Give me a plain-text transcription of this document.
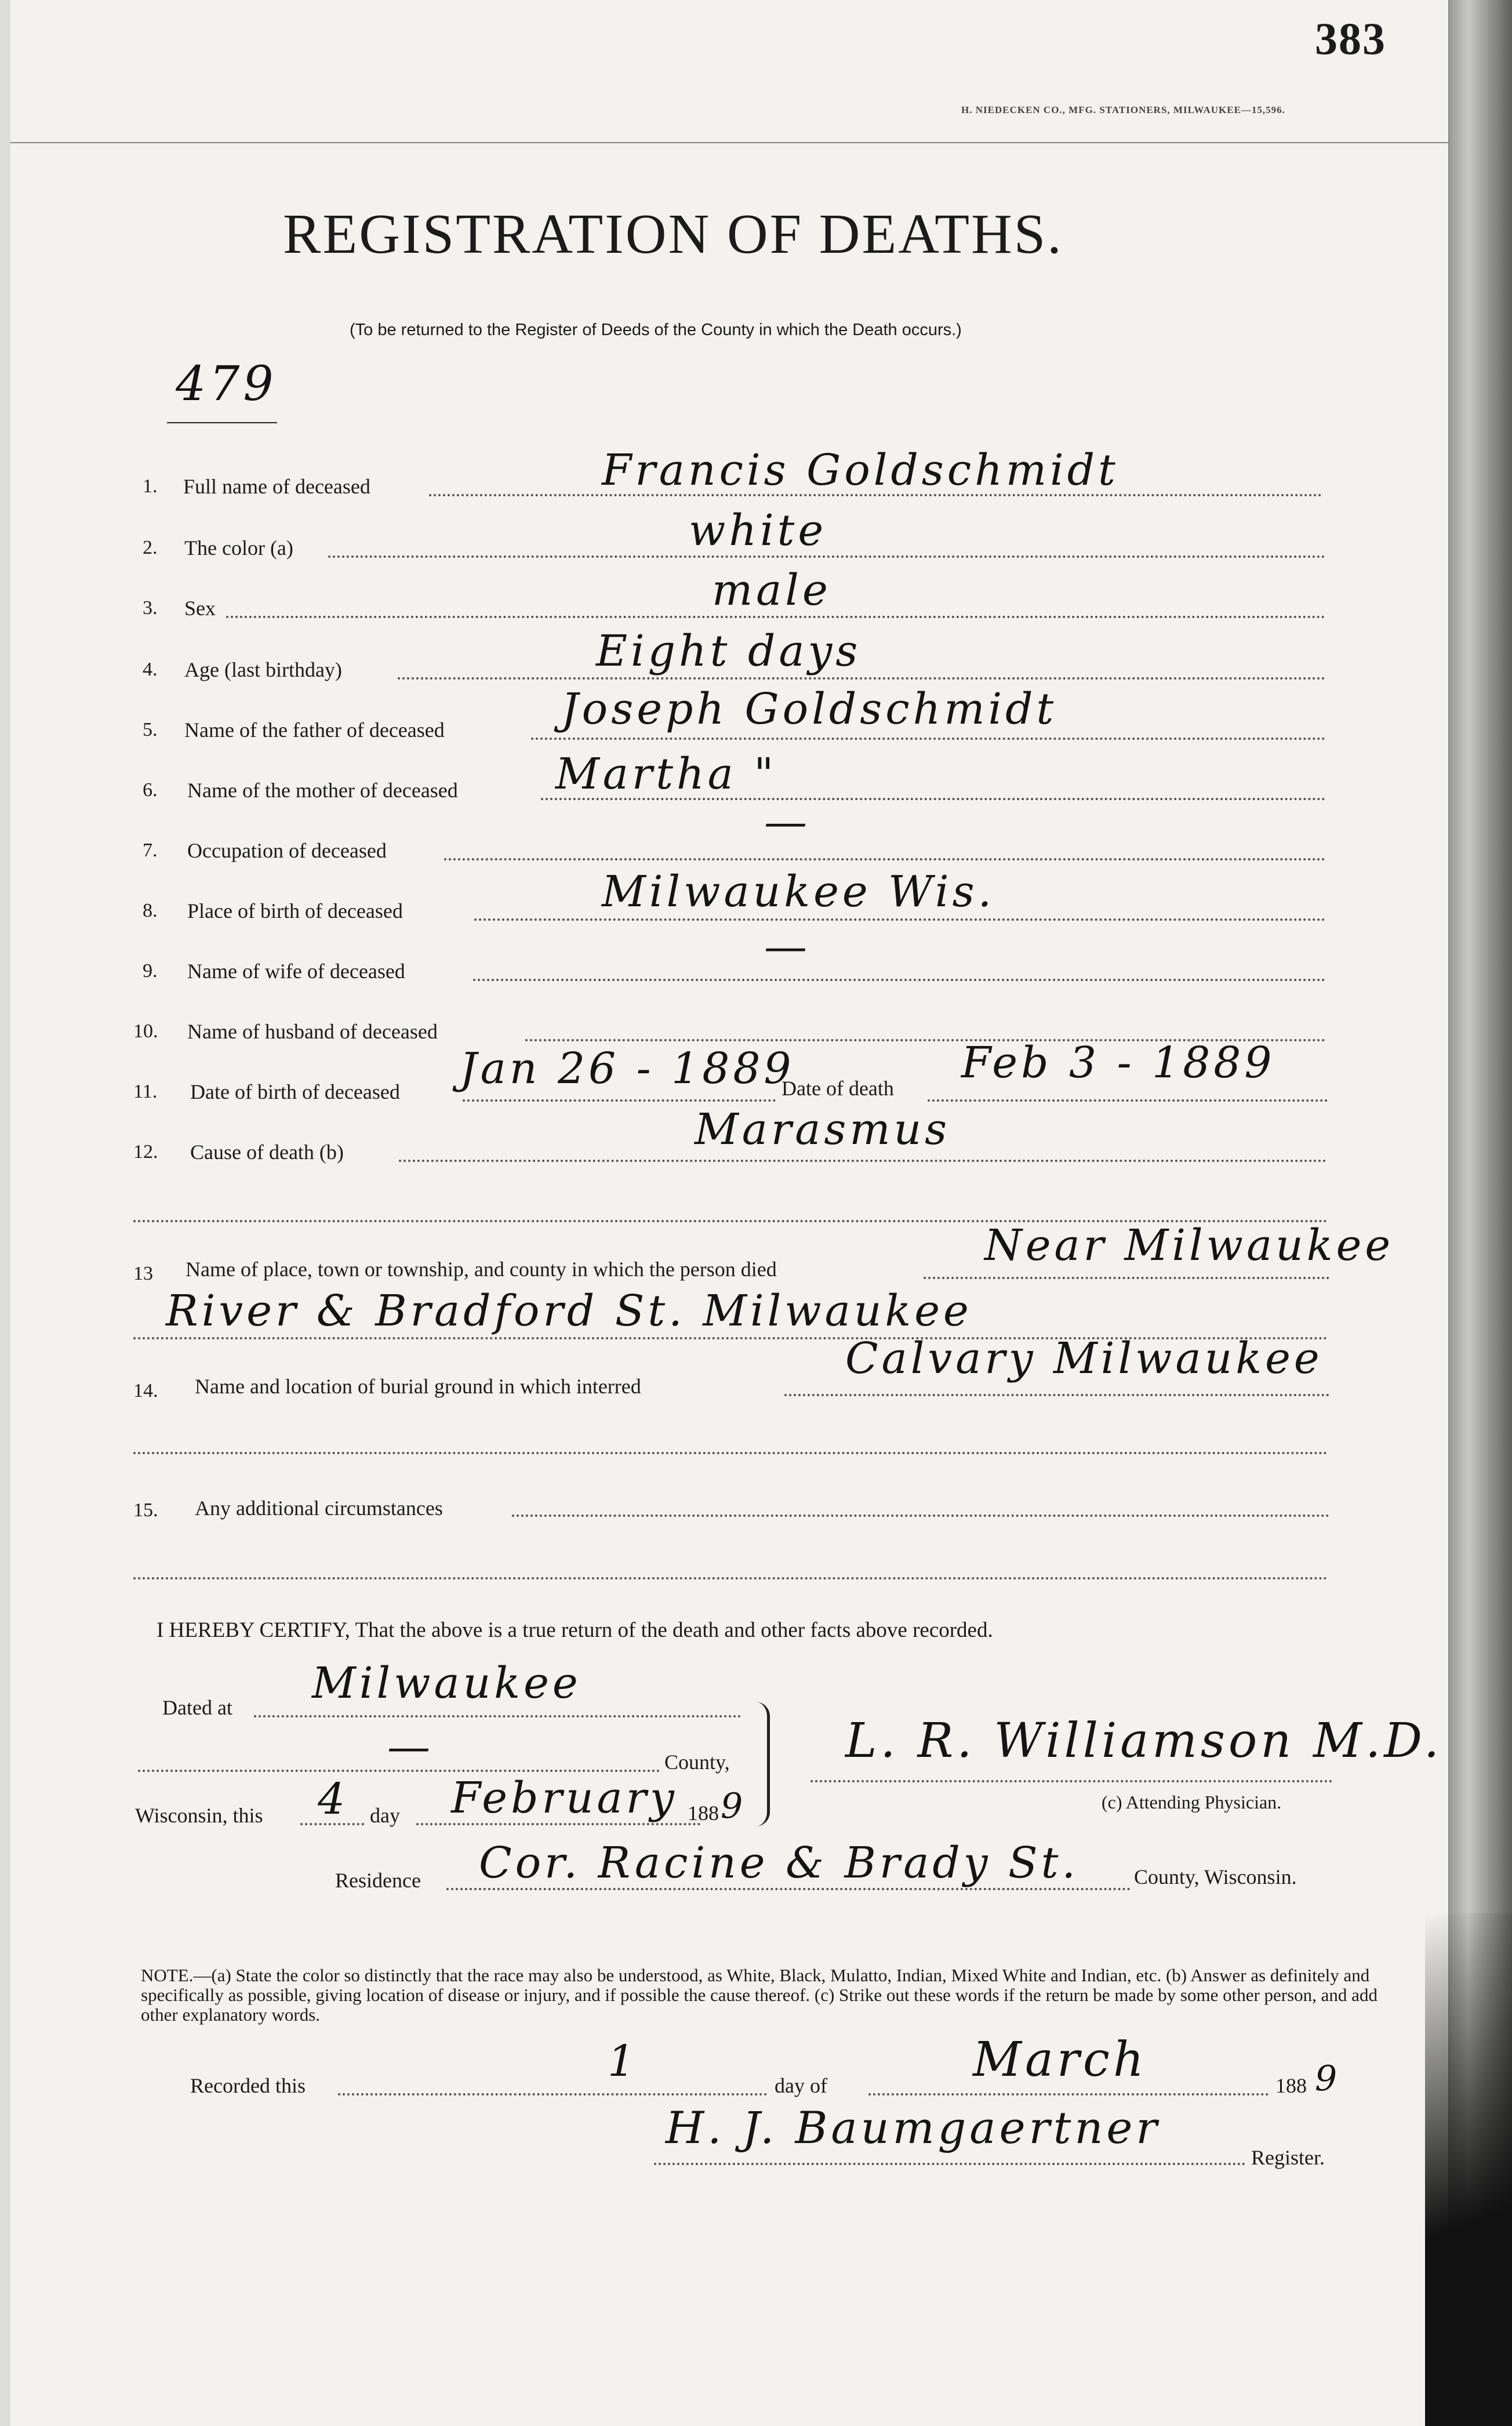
383
H. NIEDECKEN CO., MFG. STATIONERS, MILWAUKEE—15,596.
REGISTRATION OF DEATHS.
(To be returned to the Register of Deeds of the County in which the Death occurs.)
479
1. Full name of deceased	Francis Goldschmidt
2. The color (a)	white
3. Sex	male
4. Age (last birthday)	Eight days
5. Name of the father of deceased	Joseph Goldschmidt
6. Name of the mother of deceased Martha "
7. Occupation of deceased
—
8. Place of birth of deceased	Milwaukee Wis.
9. Name of wife of deceased	—
10. Name of husband of deceased
11. Date of birth of deceased Jan 26 - 1889
Date of death
Feb 3 - 1889
12. Cause of death (b)	Marasmus
13 Name of place, town or township, and county in which the person died	Near Milwaukee
River & Bradford St. Milwaukee
14. Name and location of burial ground in which interred
Calvary Milwaukee
15. Any additional circumstances
I HEREBY CERTIFY, That the above is a true return of the death and other facts above recorded.
Dated at Milwaukee
—	County,
Wisconsin, this 4 day February 188 9
L. R. Williamson M.D.
(c) Attending Physician.
Residence Cor. Racine & Brady St.	County, Wisconsin.
NOTE.—(a) State the color so distinctly that the race may also be understood, as White, Black, Mulatto, Indian, Mixed White and Indian, etc. (b) Answer as definitely and specifically as possible, giving location of disease or injury, and if possible the cause thereof. (c) Strike out these words if the return be made by some other person, and add other explanatory words.
Recorded this	1	day of	March	188 9
H. J. Baumgaertner
Register.
